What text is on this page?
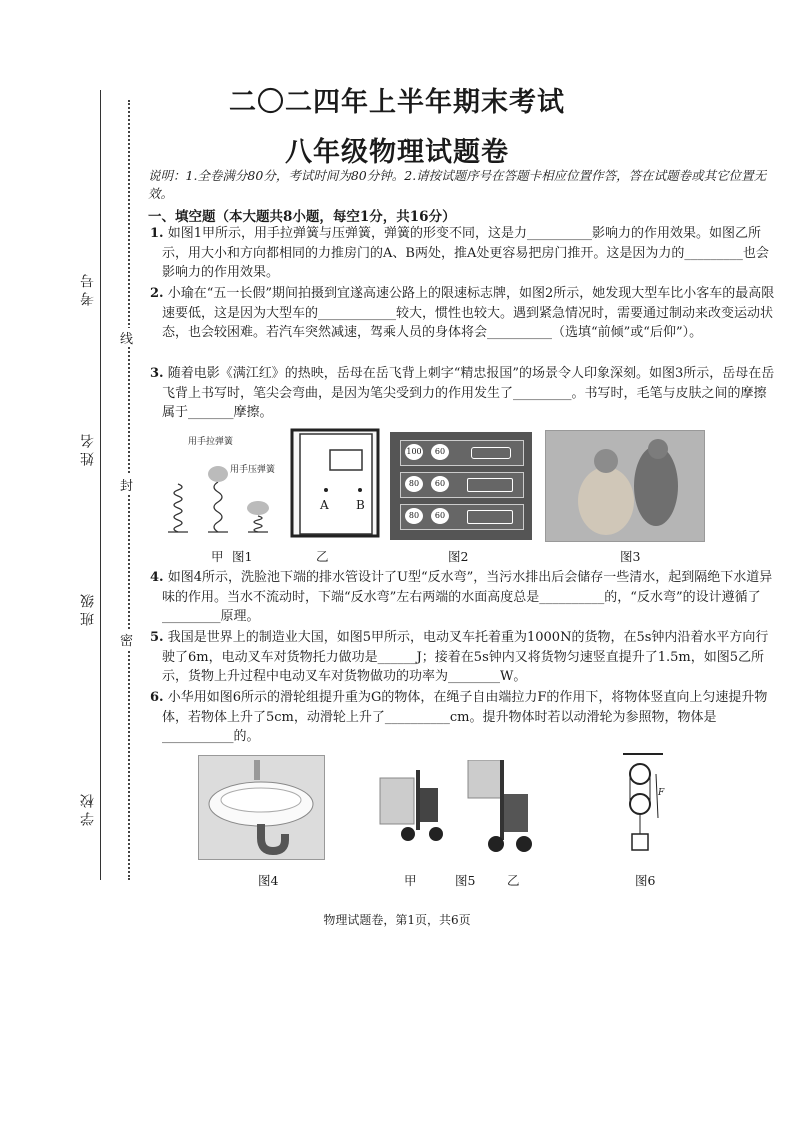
学校
班级
姓名
考号
密
封
线
二〇二四年上半年期末考试
八年级物理试题卷
说明：1.全卷满分80分，考试时间为80分钟。2.请按试题序号在答题卡相应位置作答，答在试题卷或其它位置无效。
一、填空题（本大题共8小题，每空1分，共16分）
1. 如图1甲所示，用手拉弹簧与压弹簧，弹簧的形变不同，这是力__________影响力的作用效果。如图乙所示，用大小和方向都相同的力推房门的A、B两处，推A处更容易把房门推开。这是因为力的_________也会影响力的作用效果。
2. 小瑜在“五一长假”期间拍摄到宜遂高速公路上的限速标志牌，如图2所示，她发现大型车比小客车的最高限速要低，这是因为大型车的____________较大，惯性也较大。遇到紧急情况时，需要通过制动来改变运动状态，也会较困难。若汽车突然减速，驾乘人员的身体将会__________（选填“前倾”或“后仰”）。
3. 随着电影《满江红》的热映，岳母在岳飞背上刺字“精忠报国”的场景令人印象深刻。如图3所示，岳母在岳飞背上书写时，笔尖会弯曲，是因为笔尖受到力的作用发生了_________。书写时，毛笔与皮肤之间的摩擦属于_______摩擦。
用手拉弹簧
用手压弹簧
A B
100	60
80	60
80	60
甲 图1	乙	图2	图3
4. 如图4所示，洗脸池下端的排水管设计了U型“反水弯”，当污水排出后会储存一些清水，起到隔绝下水道异味的作用。当水不流动时，下端“反水弯”左右两端的水面高度总是__________的，“反水弯”的设计遵循了_________原理。
5. 我国是世界上的制造业大国，如图5甲所示，电动叉车托着重为1000N的货物，在5s钟内沿着水平方向行驶了6m，电动叉车对货物托力做功是______J；接着在5s钟内又将货物匀速竖直提升了1.5m，如图5乙所示，货物上升过程中电动叉车对货物做功的功率为________W。
6. 小华用如图6所示的滑轮组提升重为G的物体，在绳子自由端拉力F的作用下，将物体竖直向上匀速提升物体，若物体上升了5cm，动滑轮上升了__________cm。提升物体时若以动滑轮为参照物，物体是___________的。
F
图4	甲	图5	乙	图6
物理试题卷，第1页，共6页
